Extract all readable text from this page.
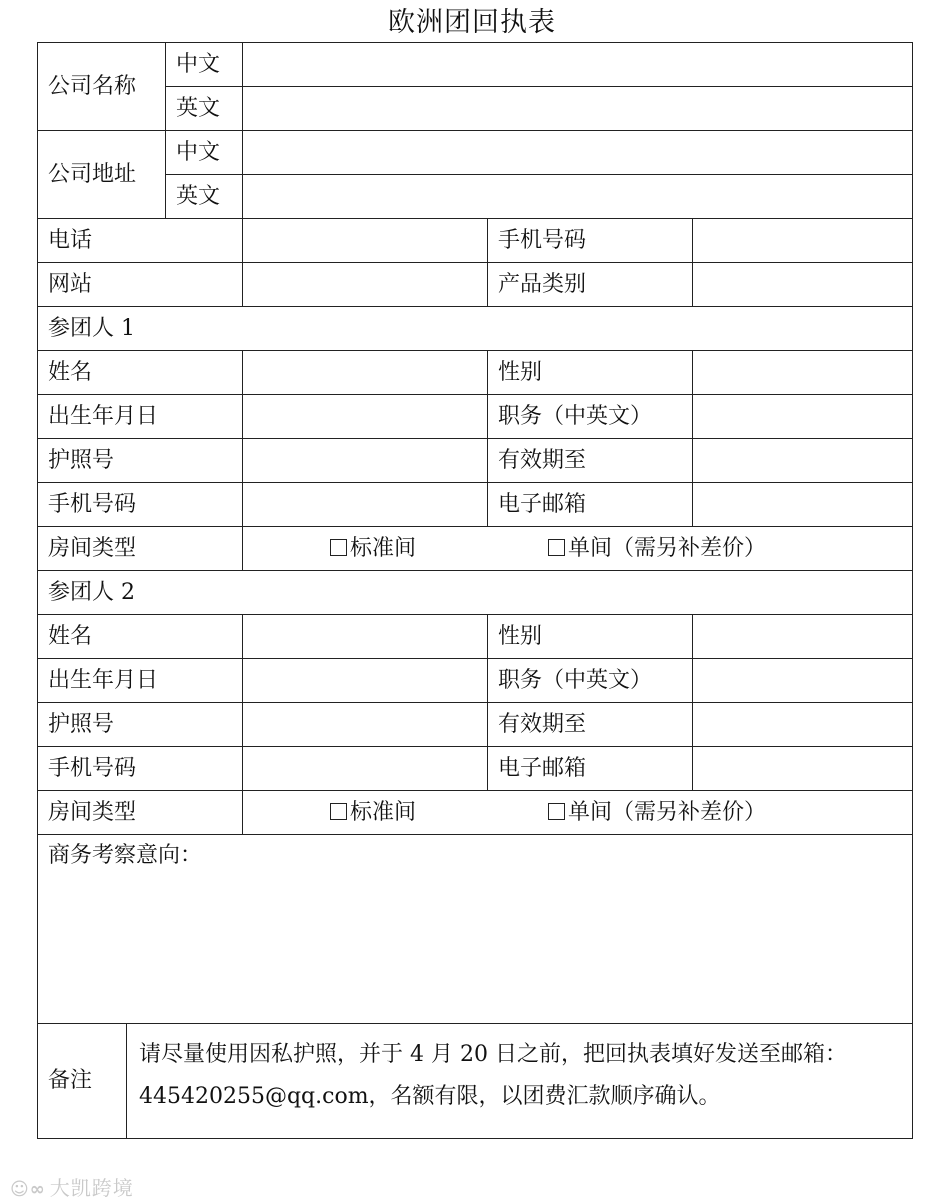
欧洲团回执表
公司名称	中文			
	英文			
公司地址	中文			
	英文			
电话			手机号码	
网站			产品类别	
参团人 1				
姓名			性别	
出生年月日			职务（中英文）	
护照号			有效期至	
手机号码			电子邮箱	
房间类型		标准间 单间（需另补差价）		

参团人 2				
姓名			性别	
出生年月日			职务（中英文）	
护照号			有效期至	
手机号码			电子邮箱	
房间类型		标准间 单间（需另补差价）		

商务考察意向：				

备注
请尽量使用因私护照，并于 4 月 20 日之前，把回执表填好发送至邮箱：
445420255@qq.com，名额有限，以团费汇款顺序确认。				
☺∞ 大凯跨境
